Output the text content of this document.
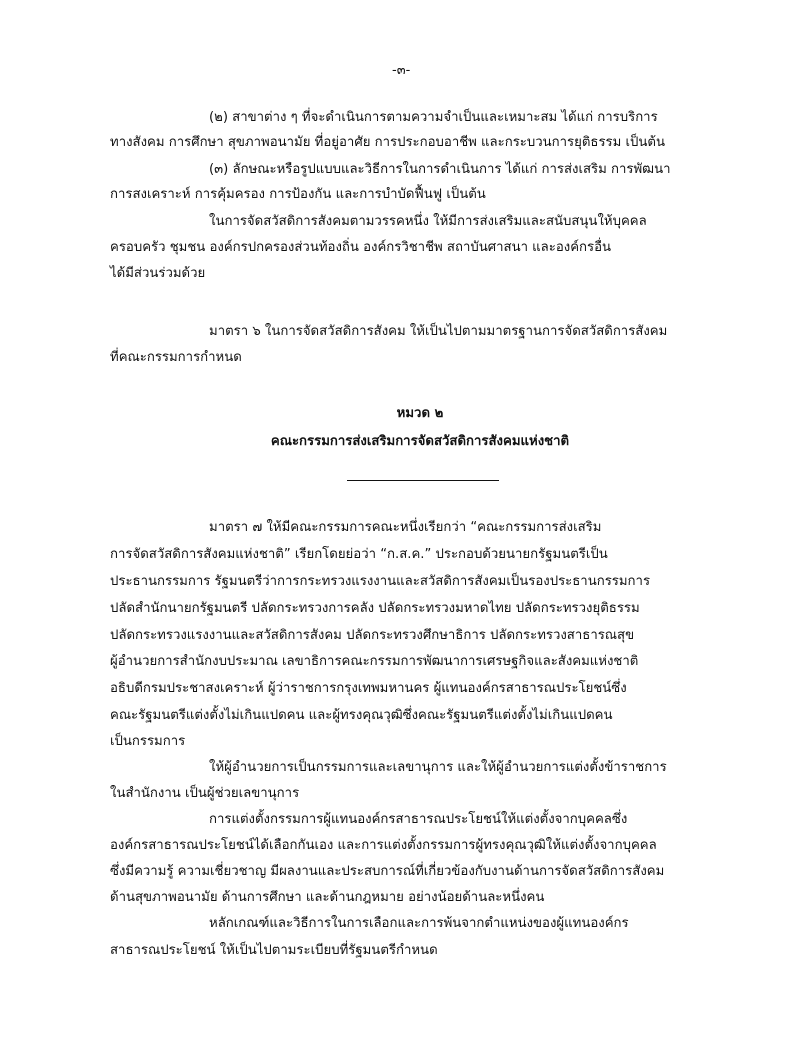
-๓-
(๒) สาขาต่าง ๆ ที่จะดำเนินการตามความจำเป็นและเหมาะสม ได้แก่ การบริการ
ทางสังคม การศึกษา สุขภาพอนามัย ที่อยู่อาศัย การประกอบอาชีพ และกระบวนการยุติธรรม เป็นต้น
(๓) ลักษณะหรือรูปแบบและวิธีการในการดำเนินการ ได้แก่ การส่งเสริม การพัฒนา
การสงเคราะห์ การคุ้มครอง การป้องกัน และการบำบัดฟื้นฟู เป็นต้น
ในการจัดสวัสดิการสังคมตามวรรคหนึ่ง ให้มีการส่งเสริมและสนับสนุนให้บุคคล
ครอบครัว ชุมชน องค์กรปกครองส่วนท้องถิ่น องค์กรวิชาชีพ สถาบันศาสนา และองค์กรอื่น
ได้มีส่วนร่วมด้วย
มาตรา ๖ ในการจัดสวัสดิการสังคม ให้เป็นไปตามมาตรฐานการจัดสวัสดิการสังคม
ที่คณะกรรมการกำหนด
หมวด ๒
คณะกรรมการส่งเสริมการจัดสวัสดิการสังคมแห่งชาติ
มาตรา ๗ ให้มีคณะกรรมการคณะหนึ่งเรียกว่า “คณะกรรมการส่งเสริม
การจัดสวัสดิการสังคมแห่งชาติ” เรียกโดยย่อว่า “ก.ส.ค.” ประกอบด้วยนายกรัฐมนตรีเป็น
ประธานกรรมการ รัฐมนตรีว่าการกระทรวงแรงงานและสวัสดิการสังคมเป็นรองประธานกรรมการ
ปลัดสำนักนายกรัฐมนตรี ปลัดกระทรวงการคลัง ปลัดกระทรวงมหาดไทย ปลัดกระทรวงยุติธรรม
ปลัดกระทรวงแรงงานและสวัสดิการสังคม ปลัดกระทรวงศึกษาธิการ ปลัดกระทรวงสาธารณสุข
ผู้อำนวยการสำนักงบประมาณ เลขาธิการคณะกรรมการพัฒนาการเศรษฐกิจและสังคมแห่งชาติ
อธิบดีกรมประชาสงเคราะห์ ผู้ว่าราชการกรุงเทพมหานคร ผู้แทนองค์กรสาธารณประโยชน์ซึ่ง
คณะรัฐมนตรีแต่งตั้งไม่เกินแปดคน และผู้ทรงคุณวุฒิซึ่งคณะรัฐมนตรีแต่งตั้งไม่เกินแปดคน
เป็นกรรมการ
ให้ผู้อำนวยการเป็นกรรมการและเลขานุการ และให้ผู้อำนวยการแต่งตั้งข้าราชการ
ในสำนักงาน เป็นผู้ช่วยเลขานุการ
การแต่งตั้งกรรมการผู้แทนองค์กรสาธารณประโยชน์ให้แต่งตั้งจากบุคคลซึ่ง
องค์กรสาธารณประโยชน์ได้เลือกกันเอง และการแต่งตั้งกรรมการผู้ทรงคุณวุฒิให้แต่งตั้งจากบุคคล
ซึ่งมีความรู้ ความเชี่ยวชาญ มีผลงานและประสบการณ์ที่เกี่ยวข้องกับงานด้านการจัดสวัสดิการสังคม
ด้านสุขภาพอนามัย ด้านการศึกษา และด้านกฎหมาย อย่างน้อยด้านละหนึ่งคน
หลักเกณฑ์และวิธีการในการเลือกและการพ้นจากตำแหน่งของผู้แทนองค์กร
สาธารณประโยชน์ ให้เป็นไปตามระเบียบที่รัฐมนตรีกำหนด
